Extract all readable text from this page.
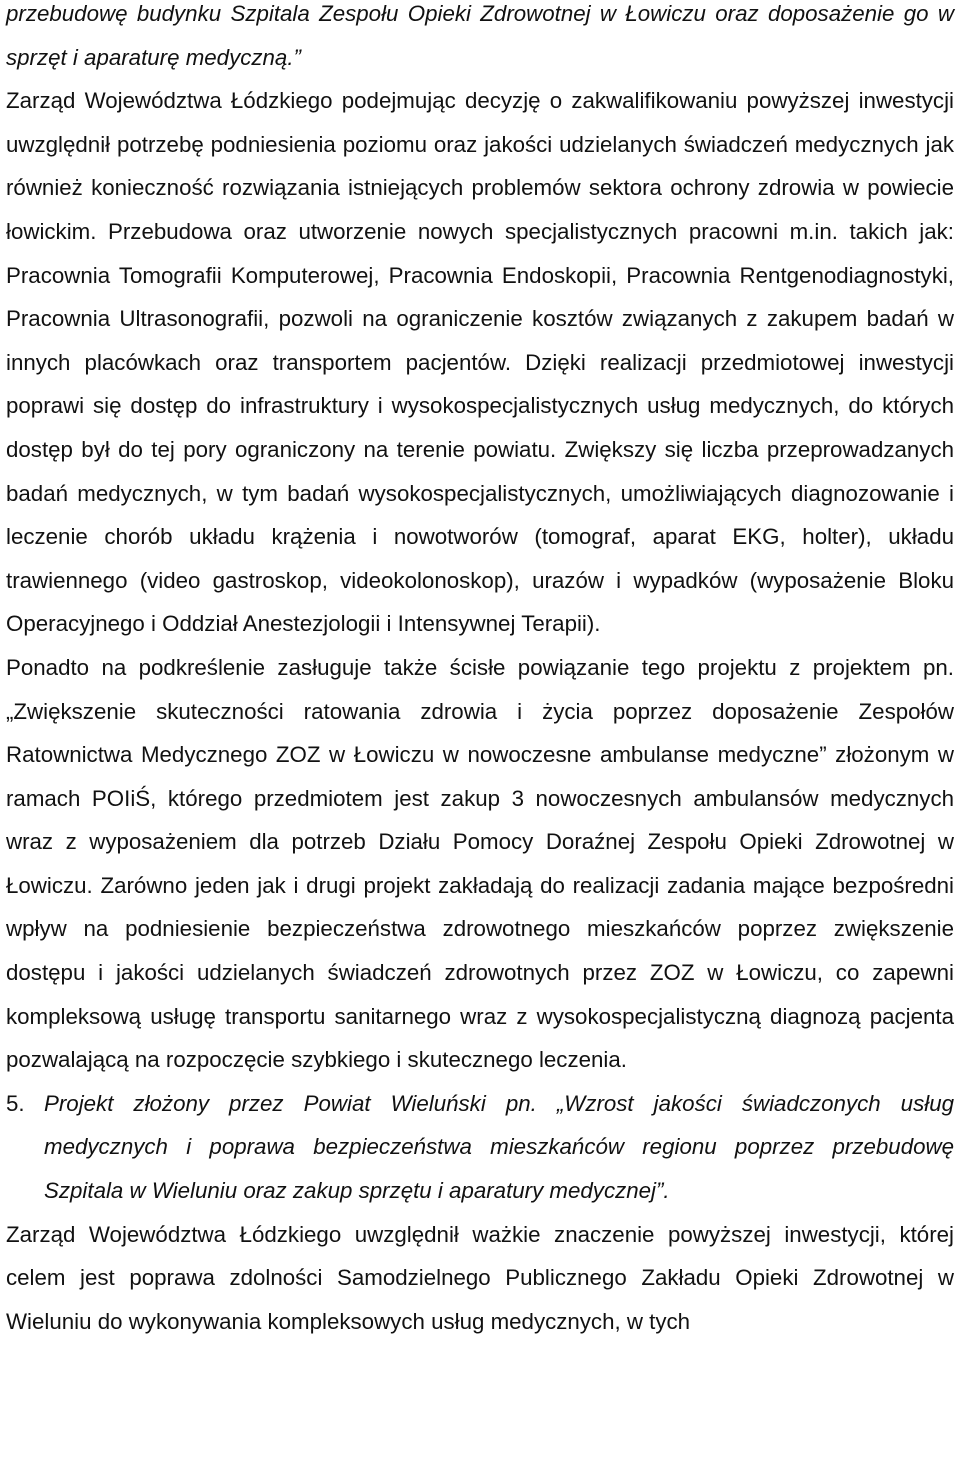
przebudowę budynku Szpitala Zespołu Opieki Zdrowotnej w Łowiczu oraz doposażenie go w sprzęt i aparaturę medyczną.”

Zarząd Województwa Łódzkiego podejmując decyzję o zakwalifikowaniu powyższej inwestycji uwzględnił potrzebę podniesienia poziomu oraz jakości udzielanych świadczeń medycznych jak również konieczność rozwiązania istniejących problemów sektora ochrony zdrowia w powiecie łowickim. Przebudowa oraz utworzenie nowych specjalistycznych pracowni m.in. takich jak: Pracownia Tomografii Komputerowej, Pracownia Endoskopii, Pracownia Rentgenodiagnostyki, Pracownia Ultrasonografii, pozwoli na ograniczenie kosztów związanych z zakupem badań w innych placówkach oraz transportem pacjentów. Dzięki realizacji przedmiotowej inwestycji poprawi się dostęp do infrastruktury i wysokospecjalistycznych usług medycznych, do których dostęp był do tej pory ograniczony na terenie powiatu. Zwiększy się liczba przeprowadzanych badań medycznych, w tym badań wysokospecjalistycznych, umożliwiających diagnozowanie i leczenie chorób układu krążenia i nowotworów (tomograf, aparat EKG, holter), układu trawiennego (video gastroskop, videokolonoskop), urazów i wypadków (wyposażenie Bloku Operacyjnego i Oddział Anestezjologii i Intensywnej Terapii).

Ponadto na podkreślenie zasługuje także ścisłe powiązanie tego projektu z projektem pn. „Zwiększenie skuteczności ratowania zdrowia i życia poprzez doposażenie Zespołów Ratownictwa Medycznego ZOZ w Łowiczu w nowoczesne ambulanse medyczne” złożonym w ramach POIiŚ, którego przedmiotem jest zakup 3 nowoczesnych ambulansów medycznych wraz z wyposażeniem dla potrzeb Działu Pomocy Doraźnej Zespołu Opieki Zdrowotnej w Łowiczu. Zarówno jeden jak i drugi projekt zakładają do realizacji zadania mające bezpośredni wpływ na podniesienie bezpieczeństwa zdrowotnego mieszkańców poprzez zwiększenie dostępu i jakości udzielanych świadczeń zdrowotnych przez ZOZ w Łowiczu, co zapewni kompleksową usługę transportu sanitarnego wraz z wysokospecjalistyczną diagnozą pacjenta pozwalającą na rozpoczęcie szybkiego i skutecznego leczenia.

5. Projekt złożony przez Powiat Wieluński pn. „Wzrost jakości świadczonych usług medycznych i poprawa bezpieczeństwa mieszkańców regionu poprzez przebudowę Szpitala w Wieluniu oraz zakup sprzętu i aparatury medycznej”.

Zarząd Województwa Łódzkiego uwzględnił ważkie znaczenie powyższej inwestycji, której celem jest poprawa zdolności Samodzielnego Publicznego Zakładu Opieki Zdrowotnej w Wieluniu do wykonywania kompleksowych usług medycznych, w tych
